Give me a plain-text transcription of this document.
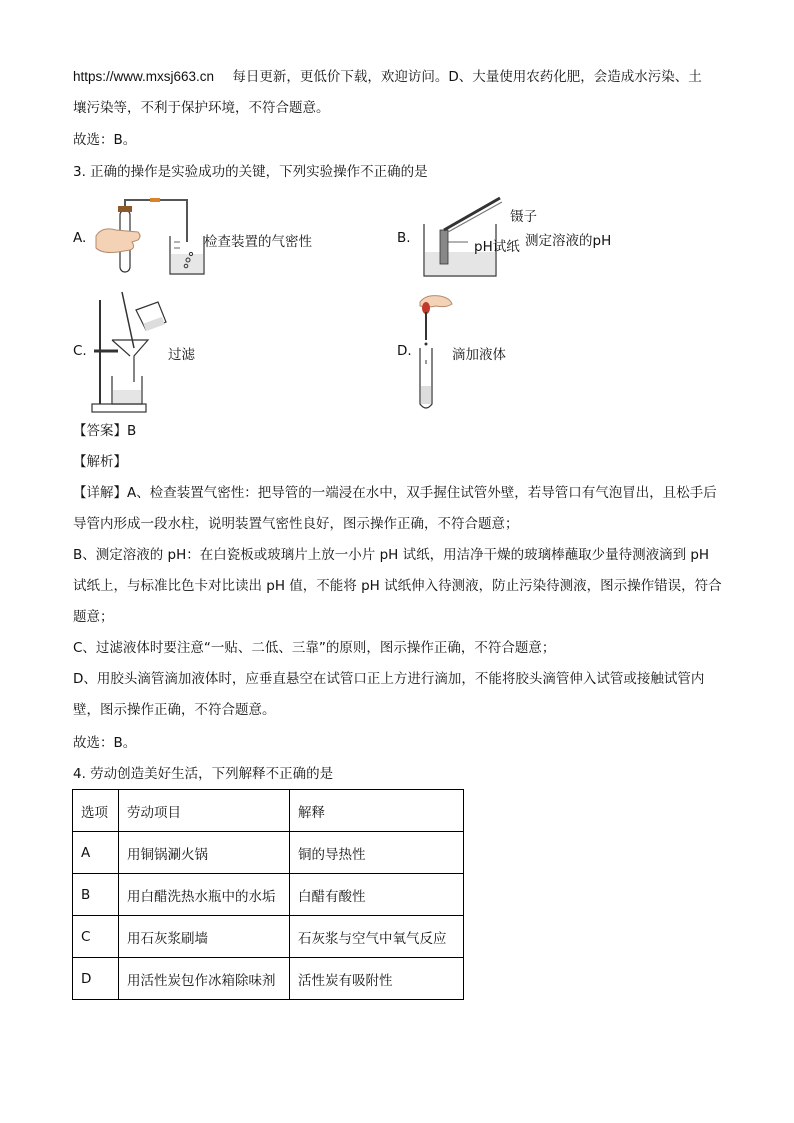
https://www.mxsj663.cn 每日更新，更低价下载，欢迎访问。D、大量使用农药化肥，会造成水污染、土
壤污染等，不利于保护环境，不符合题意。
故选：B。
3. 正确的操作是实验成功的关键，下列实验操作不正确的是
A.	检查装置的气密性	B.
镊子
pH试纸 测定溶液的pH
C.	过滤	D.	滴加液体
【答案】B
【解析】
【详解】A、检查装置气密性：把导管的一端浸在水中，双手握住试管外壁，若导管口有气泡冒出，且松手后导管内形成一段水柱，说明装置气密性良好，图示操作正确，不符合题意；
B、测定溶液的 pH：在白瓷板或玻璃片上放一小片 pH 试纸，用洁净干燥的玻璃棒蘸取少量待测液滴到 pH 试纸上，与标准比色卡对比读出 pH 值，不能将 pH 试纸伸入待测液，防止污染待测液，图示操作错误，符合题意；
C、过滤液体时要注意“一贴、二低、三靠”的原则，图示操作正确，不符合题意；
D、用胶头滴管滴加液体时，应垂直悬空在试管口正上方进行滴加，不能将胶头滴管伸入试管或接触试管内壁，图示操作正确，不符合题意。
故选：B。
4. 劳动创造美好生活，下列解释不正确的是
选项	劳动项目	解释
A	用铜锅涮火锅	铜的导热性
B	用白醋洗热水瓶中的水垢	白醋有酸性
C	用石灰浆刷墙	石灰浆与空气中氧气反应
D	用活性炭包作冰箱除味剂	活性炭有吸附性
